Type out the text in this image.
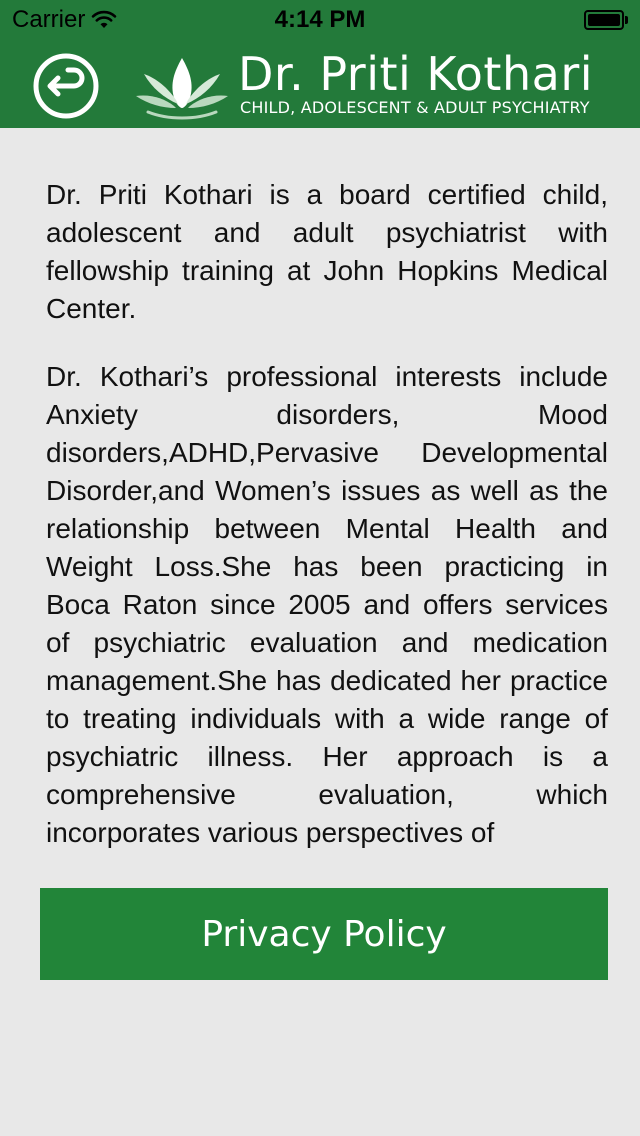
Carrier	4:14 PM
Dr. Priti Kothari
CHILD, ADOLESCENT & ADULT PSYCHIATRY

Dr. Priti Kothari is a board certified child, adolescent and adult psychiatrist with fellowship training at John Hopkins Medical Center.

Dr. Kothari’s professional interests include Anxiety disorders, Mood disorders,ADHD,Pervasive Developmental Disorder,and Women’s issues as well as the relationship between Mental Health and Weight Loss.She has been practicing in Boca Raton since 2005 and offers services of psychiatric evaluation and medication management.She has dedicated her practice to treating individuals with a wide range of psychiatric illness. Her approach is a comprehensive evaluation, which incorporates various perspectives of

Privacy Policy
